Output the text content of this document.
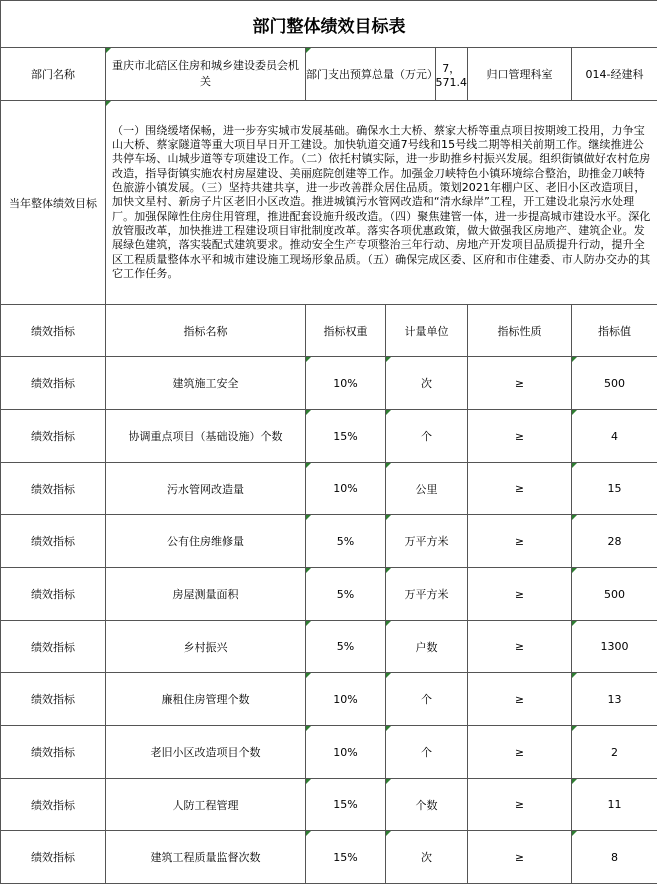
部门整体绩效目标表					
部门名称	重庆市北碚区住房和城乡建设委员会机关	部门支出预算总量（万元） 7，571.4		归口管理科室	014-经建科
当年整体绩效目标	（一）围绕缓堵保畅，进一步夯实城市发展基础。确保水土大桥、蔡家大桥等重点项目按期竣工投用，力争宝山大桥、蔡家隧道等重大项目早日开工建设。加快轨道交通7号线和15号线二期等相关前期工作。继续推进公共停车场、山城步道等专项建设工作。（二）依托村镇实际，进一步助推乡村振兴发展。组织街镇做好农村危房改造，指导街镇实施农村房屋建设、美丽庭院创建等工作。加强金刀峡特色小镇环境综合整治，助推金刀峡特色旅游小镇发展。（三）坚持共建共享，进一步改善群众居住品质。策划2021年棚户区、老旧小区改造项目，加快文星村、新房子片区老旧小区改造。推进城镇污水管网改造和“清水绿岸”工程，开工建设北泉污水处理厂。加强保障性住房住用管理，推进配套设施升级改造。（四）聚焦建管一体，进一步提高城市建设水平。深化放管服改革，加快推进工程建设项目审批制度改革。落实各项优惠政策，做大做强我区房地产、建筑企业。发展绿色建筑，落实装配式建筑要求。推动安全生产专项整治三年行动、房地产开发项目品质提升行动，提升全区工程质量整体水平和城市建设施工现场形象品质。（五）确保完成区委、区府和市住建委、市人防办交办的其它工作任务。				
绩效指标	指标名称	指标权重	计量单位	指标性质	指标值
绩效指标	建筑施工安全	10%	次	≥	500
绩效指标	协调重点项目（基础设施）个数	15%	个	≥	4
绩效指标	污水管网改造量	10%	公里	≥	15
绩效指标	公有住房维修量	5%	万平方米	≥	28
绩效指标	房屋测量面积	5%	万平方米	≥	500
绩效指标	乡村振兴	5%	户数	≥	1300
绩效指标	廉租住房管理个数	10%	个	≥	13
绩效指标	老旧小区改造项目个数	10%	个	≥	2
绩效指标	人防工程管理	15%	个数	≥	11
绩效指标	建筑工程质量监督次数	15%	次	≥	8
